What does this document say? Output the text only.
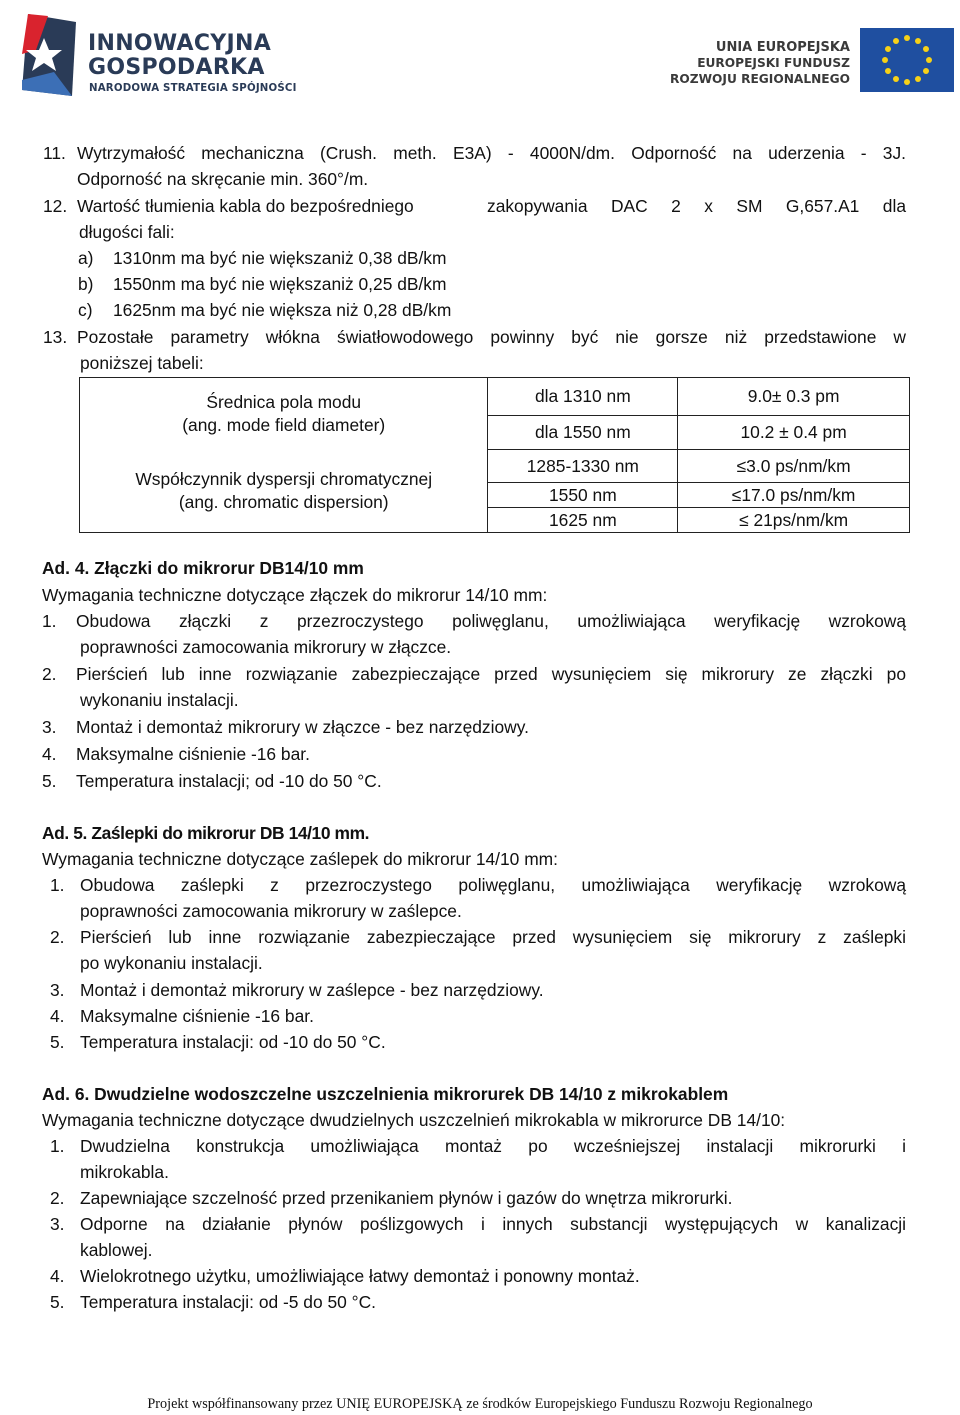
INNOWACYJNA
GOSPODARKA
NARODOWA STRATEGIA SPÓJNOŚCI
UNIA EUROPEJSKA
EUROPEJSKI FUNDUSZ
ROZWOJU REGIONALNEGO
11. Wytrzymałość mechaniczna (Crush. meth. E3A) - 4000N/dm. Odporność na uderzenia - 3J.
Odporność na skręcanie min. 360°/m.
12. Wartość tłumienia kabla do bezpośredniego	zakopywania DAC 2 x SM G,657.A1 dla
długości fali:
a) 1310nm ma być nie większaniż 0,38 dB/km
b) 1550nm ma być nie większaniż 0,25 dB/km
c) 1625nm ma być nie większa niż 0,28 dB/km
13. Pozostałe parametry włókna światłowodowego powinny być nie gorsze niż przedstawione w
poniższej tabeli:
Średnica pola modu
(ang. mode field diameter)	dla 1310 nm	9.0± 0.3 pm
	dla 1550 nm	10.2 ± 0.4 pm

Współczynnik dyspersji chromatycznej
(ang. chromatic dispersion)	1285-1330 nm	≤3.0 ps/nm/km
	1550 nm	≤17.0 ps/nm/km
	1625 nm	≤ 21ps/nm/km
Ad. 4. Złączki do mikrorur DB14/10 mm
Wymagania techniczne dotyczące złączek do mikrorur 14/10 mm:
1. Obudowa złączki z przezroczystego poliwęglanu, umożliwiająca weryfikację wzrokową
poprawności zamocowania mikrorury w złączce.
2. Pierścień lub inne rozwiązanie zabezpieczające przed wysunięciem się mikrorury ze złączki po
wykonaniu instalacji.
3. Montaż i demontaż mikrorury w złączce - bez narzędziowy.
4. Maksymalne ciśnienie -16 bar.
5. Temperatura instalacji; od -10 do 50 °C.
Ad. 5. Zaślepki do mikrorur DB 14/10 mm.
Wymagania techniczne dotyczące zaślepek do mikrorur 14/10 mm:
1. Obudowa zaślepki z przezroczystego poliwęglanu, umożliwiająca weryfikację wzrokową
poprawności zamocowania mikrorury w zaślepce.
2. Pierścień lub inne rozwiązanie zabezpieczające przed wysunięciem się mikrorury z zaślepki
po wykonaniu instalacji.
3. Montaż i demontaż mikrorury w zaślepce - bez narzędziowy.
4. Maksymalne ciśnienie -16 bar.
5. Temperatura instalacji: od -10 do 50 °C.
Ad. 6. Dwudzielne wodoszczelne uszczelnienia mikrorurek DB 14/10 z mikrokablem
Wymagania techniczne dotyczące dwudzielnych uszczelnień mikrokabla w mikrorurce DB 14/10:
1. Dwudzielna konstrukcja umożliwiająca montaż po wcześniejszej instalacji mikrorurki i
mikrokabla.
2. Zapewniające szczelność przed przenikaniem płynów i gazów do wnętrza mikrorurki.
3. Odporne na działanie płynów poślizgowych i innych substancji występujących w kanalizacji
kablowej.
4. Wielokrotnego użytku, umożliwiające łatwy demontaż i ponowny montaż.
5. Temperatura instalacji: od -5 do 50 °C.
Projekt współfinansowany przez UNIĘ EUROPEJSKĄ ze środków Europejskiego Funduszu Rozwoju Regionalnego
